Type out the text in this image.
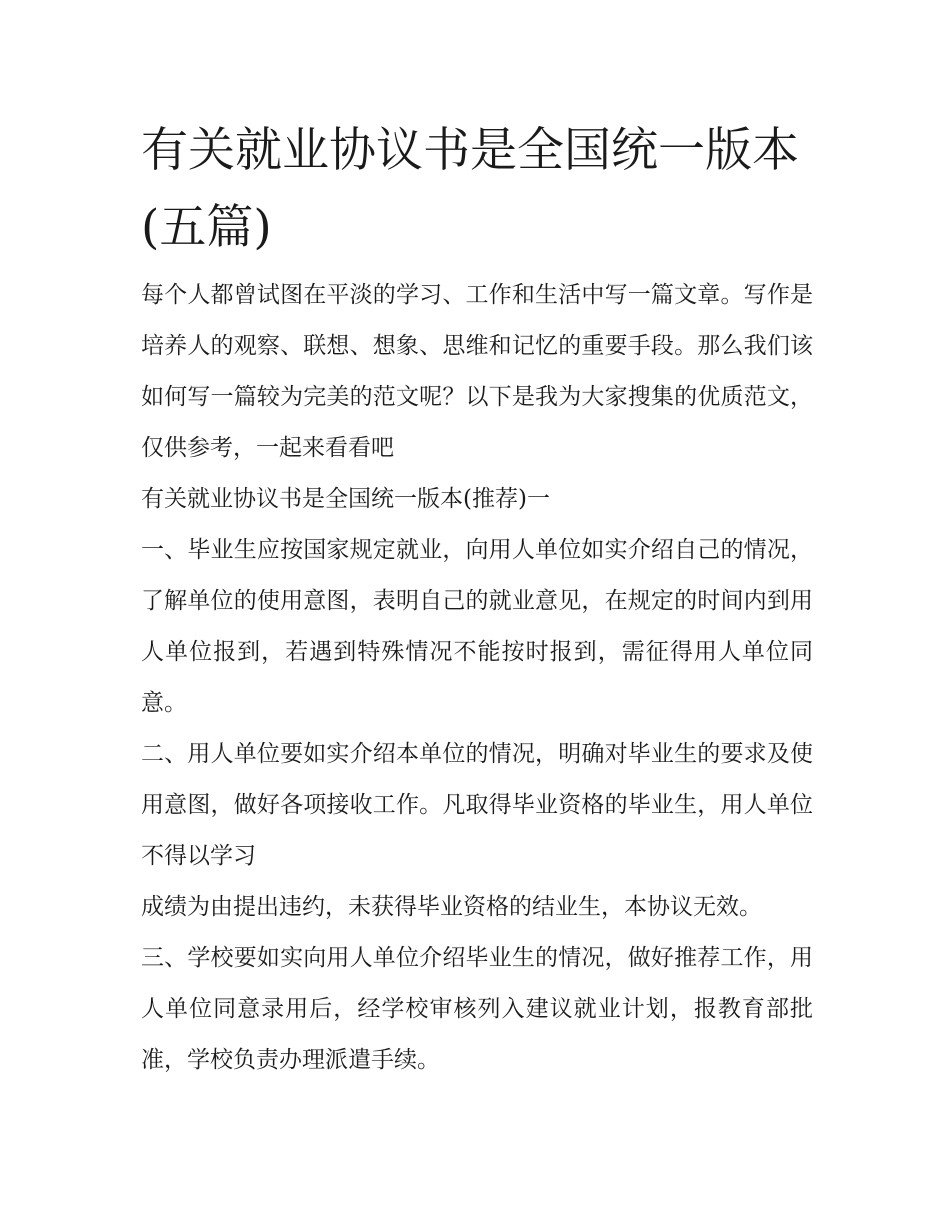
有关就业协议书是全国统一版本(五篇)

每个人都曾试图在平淡的学习、工作和生活中写一篇文章。写作是培养人的观察、联想、想象、思维和记忆的重要手段。那么我们该如何写一篇较为完美的范文呢？以下是我为大家搜集的优质范文，仅供参考，一起来看看吧

有关就业协议书是全国统一版本(推荐)一

一、毕业生应按国家规定就业，向用人单位如实介绍自己的情况，了解单位的使用意图，表明自己的就业意见，在规定的时间内到用人单位报到，若遇到特殊情况不能按时报到，需征得用人单位同意。

二、用人单位要如实介绍本单位的情况，明确对毕业生的要求及使用意图，做好各项接收工作。凡取得毕业资格的毕业生，用人单位不得以学习

成绩为由提出违约，未获得毕业资格的结业生，本协议无效。

三、学校要如实向用人单位介绍毕业生的情况，做好推荐工作，用人单位同意录用后，经学校审核列入建议就业计划，报教育部批准，学校负责办理派遣手续。
